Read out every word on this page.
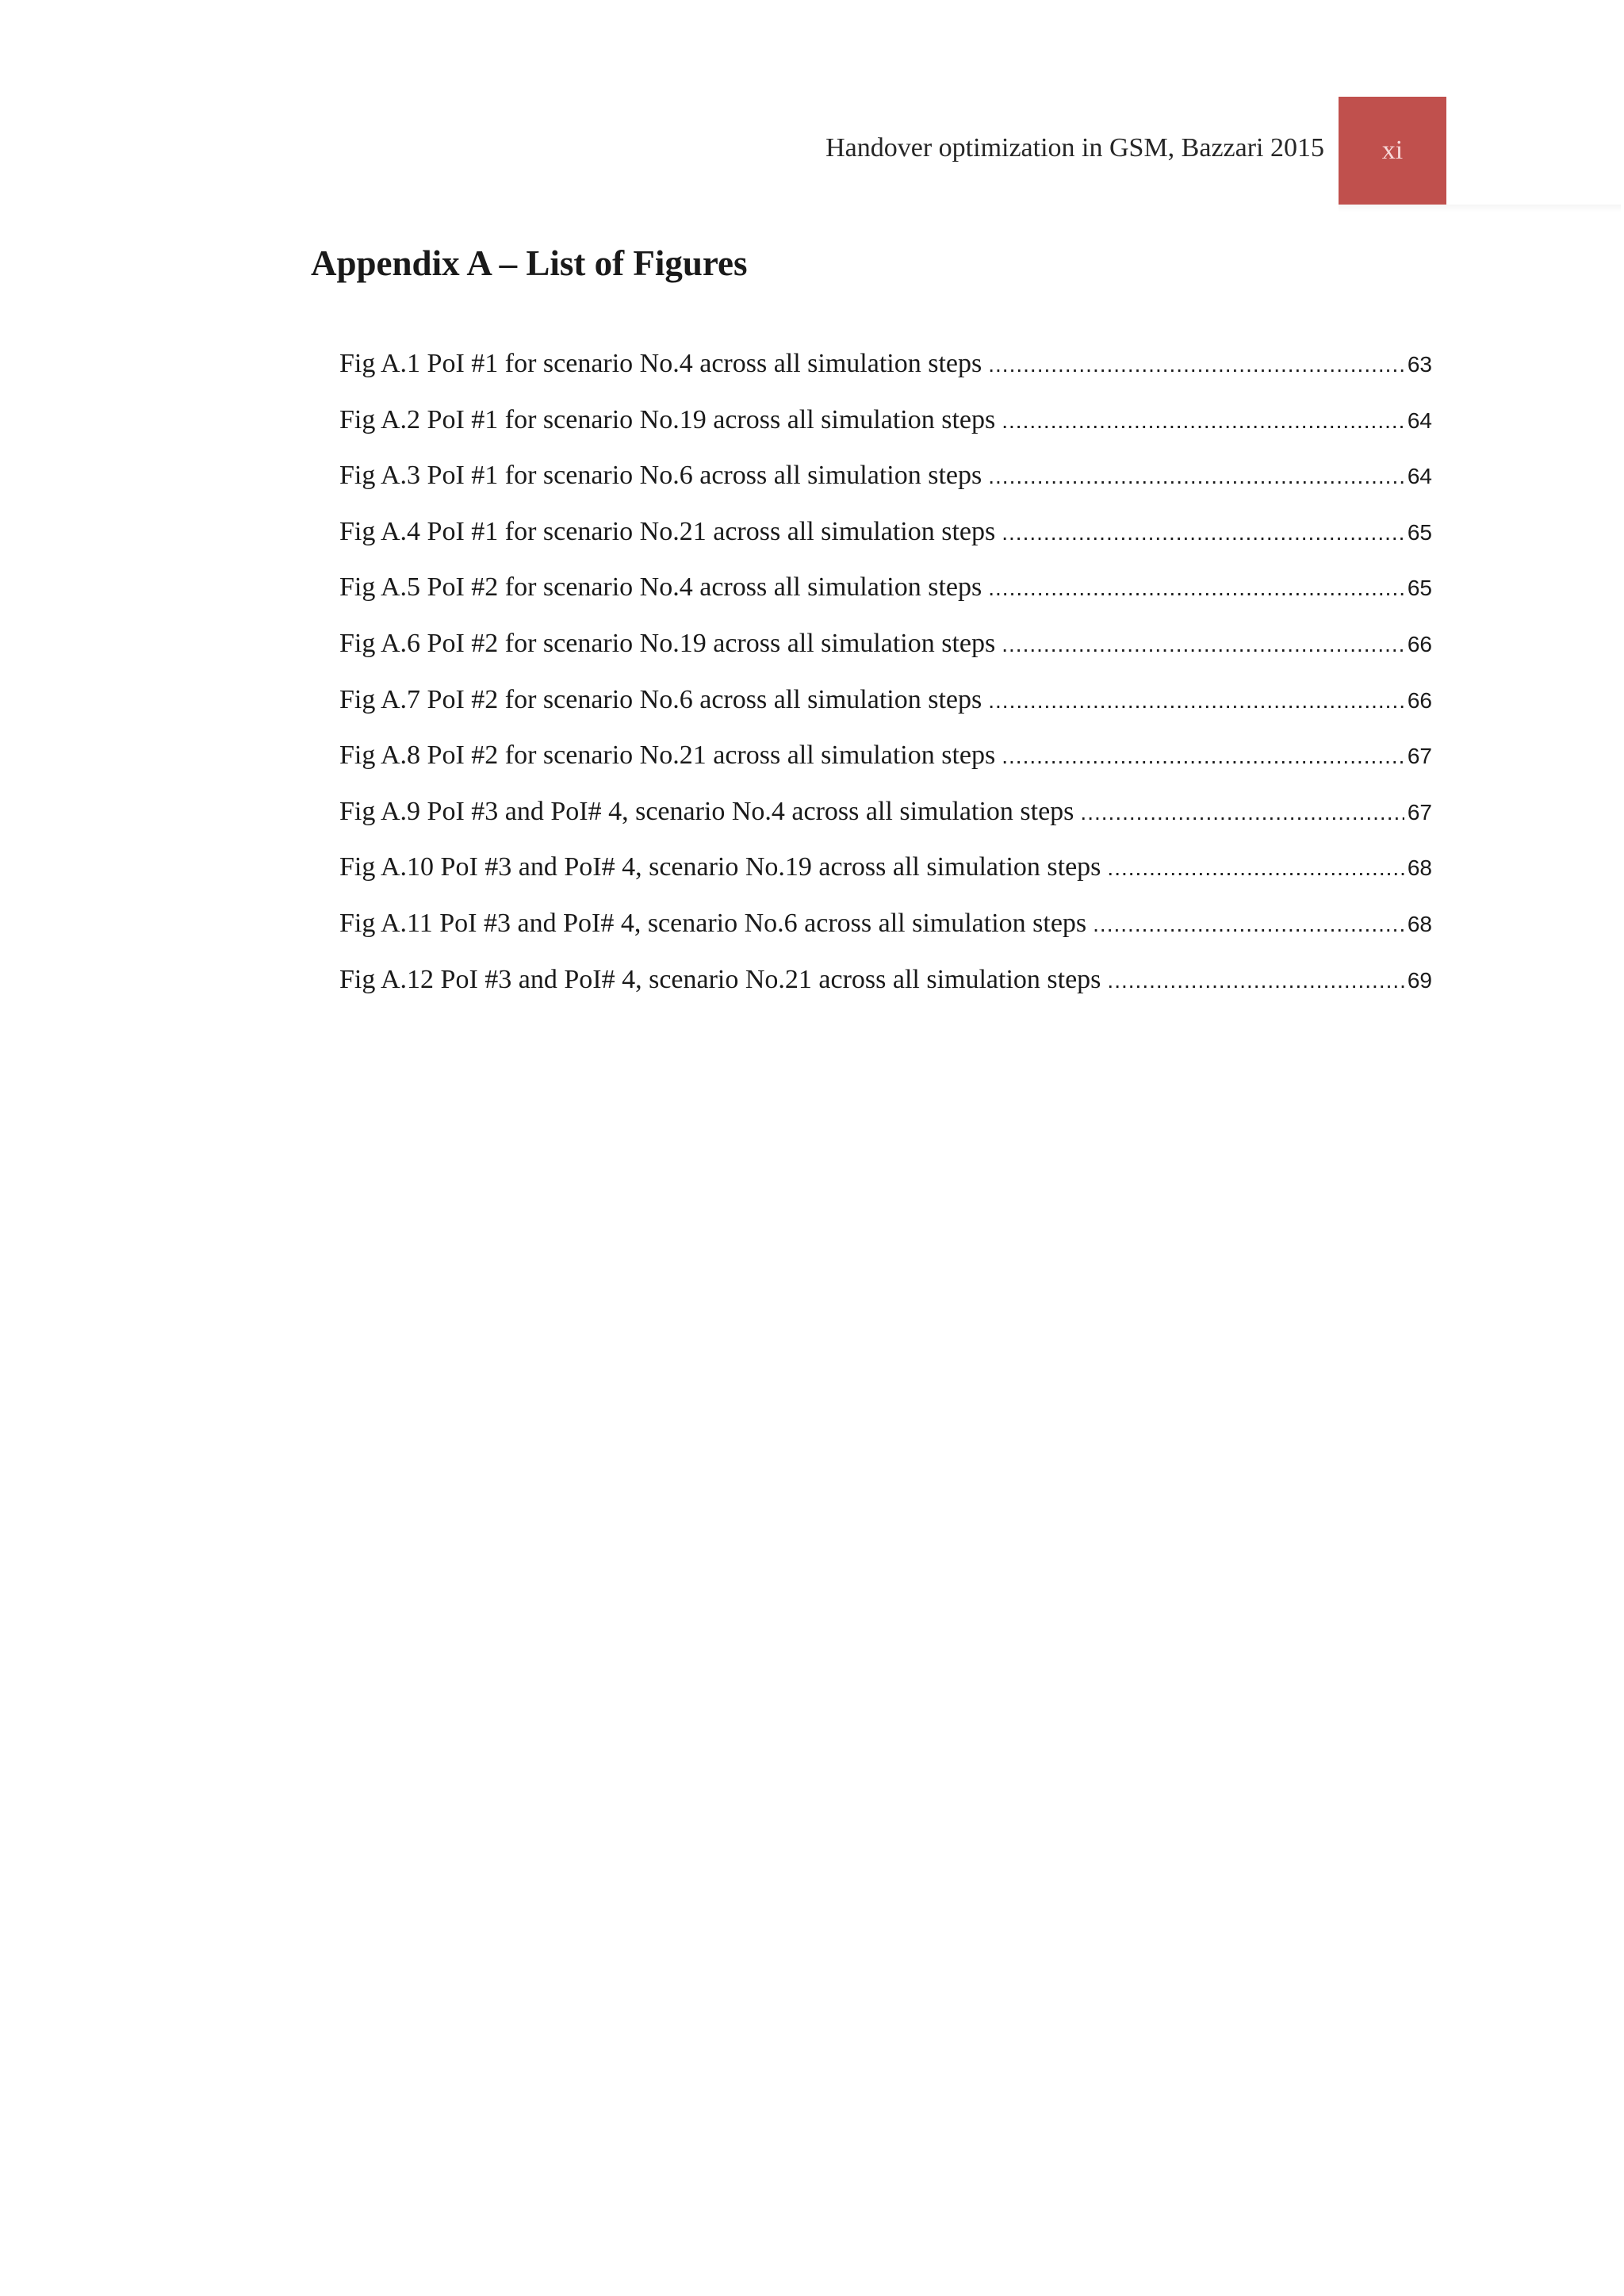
Handover optimization in GSM, Bazzari 2015 xi
Appendix A – List of Figures
Fig A.1 PoI #1 for scenario No.4 across all simulation steps .....	63
Fig A.2 PoI #1 for scenario No.19 across all simulation steps .....	64
Fig A.3 PoI #1 for scenario No.6 across all simulation steps .....	64
Fig A.4 PoI #1 for scenario No.21 across all simulation steps .....	65
Fig A.5 PoI #2 for scenario No.4 across all simulation steps .....	65
Fig A.6 PoI #2 for scenario No.19 across all simulation steps .....	66
Fig A.7 PoI #2 for scenario No.6 across all simulation steps .....	66
Fig A.8 PoI #2 for scenario No.21 across all simulation steps .....	67
Fig A.9 PoI #3 and PoI# 4, scenario No.4 across all simulation steps .....	67
Fig A.10 PoI #3 and PoI# 4, scenario No.19 across all simulation steps .....	68
Fig A.11 PoI #3 and PoI# 4, scenario No.6 across all simulation steps .....	68
Fig A.12 PoI #3 and PoI# 4, scenario No.21 across all simulation steps .....	69
